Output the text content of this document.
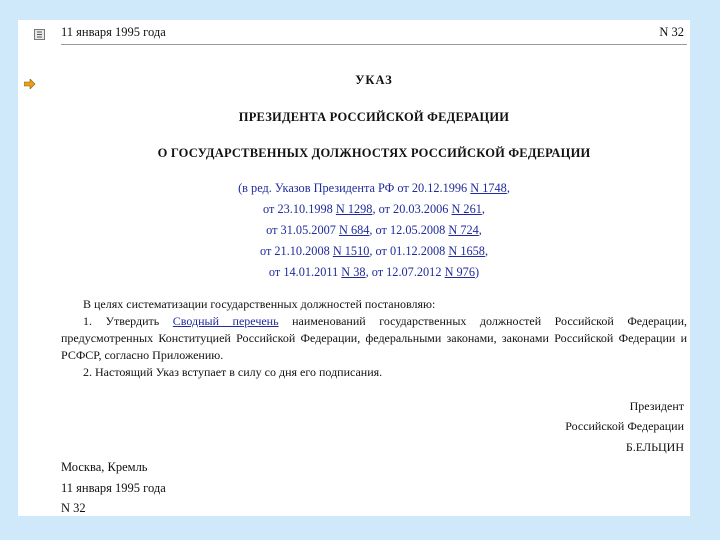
11 января 1995 года	N 32
УКАЗ
ПРЕЗИДЕНТА РОССИЙСКОЙ ФЕДЕРАЦИИ
О ГОСУДАРСТВЕННЫХ ДОЛЖНОСТЯХ РОССИЙСКОЙ ФЕДЕРАЦИИ
(в ред. Указов Президента РФ от 20.12.1996 N 1748,
от 23.10.1998 N 1298, от 20.03.2006 N 261,
от 31.05.2007 N 684, от 12.05.2008 N 724,
от 21.10.2008 N 1510, от 01.12.2008 N 1658,
от 14.01.2011 N 38, от 12.07.2012 N 976)

В целях систематизации государственных должностей постановляю:

1. Утвердить Сводный перечень наименований государственных должностей Российской Федерации, предусмотренных Конституцией Российской Федерации, федеральными законами, законами Российской Федерации и РСФСР, согласно Приложению.

2. Настоящий Указ вступает в силу со дня его подписания.

Президент
Российской Федерации
Б.ЕЛЬЦИН
Москва, Кремль
11 января 1995 года
N 32
